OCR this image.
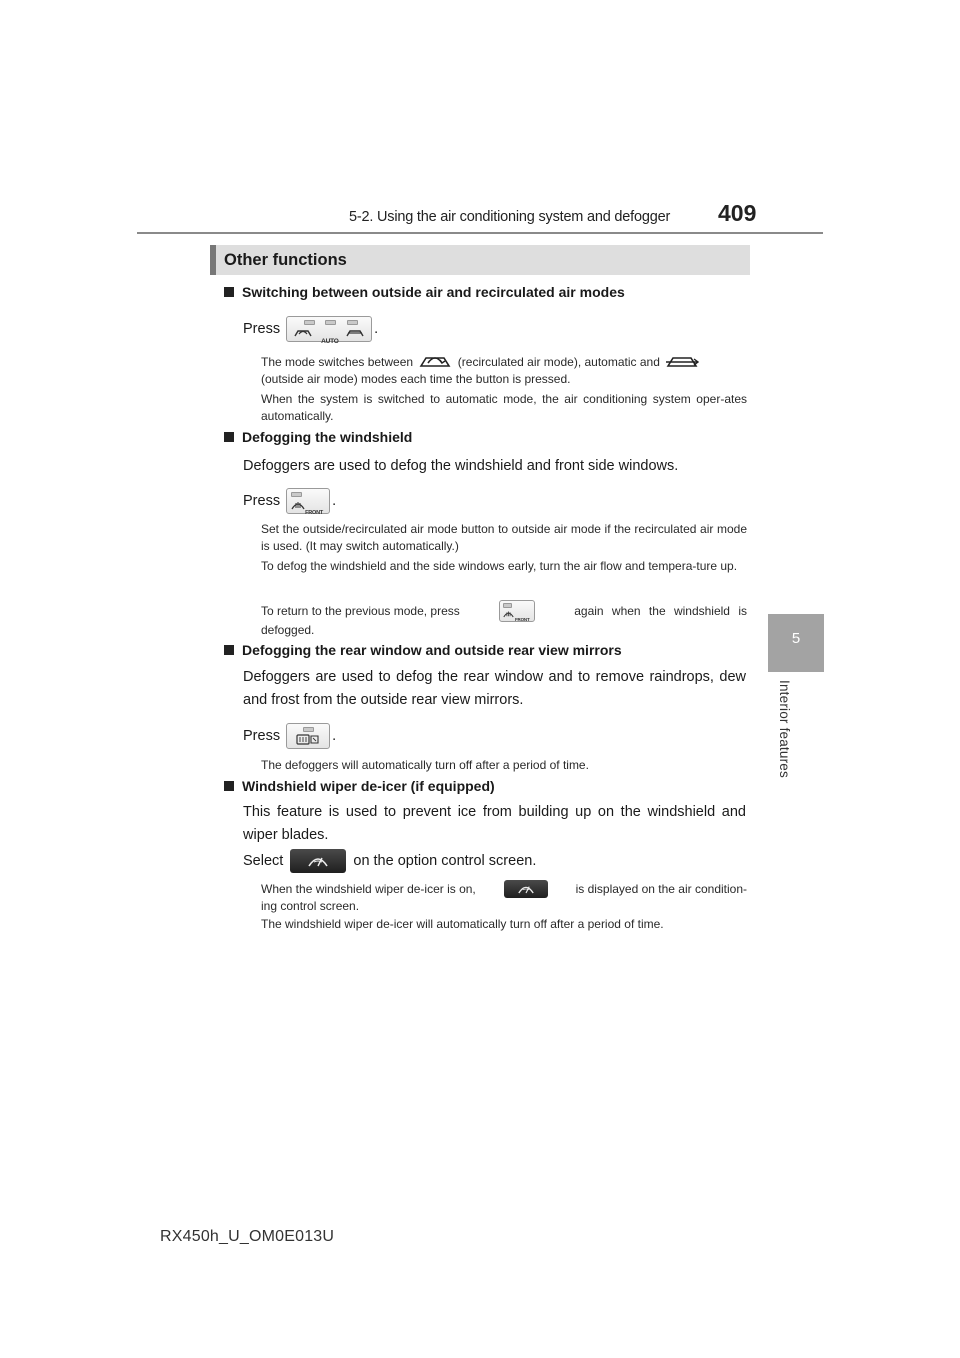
5-2. Using the air conditioning system and defogger 409
5
Interior features
Other functions
Switching between outside air and recirculated air modes
Press
AUTO
.
The mode switches between	(recirculated air mode), automatic and
(outside air mode) modes each time the button is pressed.
When the system is switched to automatic mode, the air conditioning system oper-ates automatically.
Defogging the windshield
Defoggers are used to defog the windshield and front side windows.
Press
FRONT
.
Set the outside/recirculated air mode button to outside air mode if the recirculated air mode is used. (It may switch automatically.)
To defog the windshield and the side windows early, turn the air flow and tempera-ture up.
To return to the previous mode, press
FRONT
again when the windshield is
defogged.
Defogging the rear window and outside rear view mirrors
Defoggers are used to defog the rear window and to remove raindrops, dew and frost from the outside rear view mirrors.
Press	.
The defoggers will automatically turn off after a period of time.
Windshield wiper de-icer (if equipped)
This feature is used to prevent ice from building up on the windshield and wiper blades.
Select	on the option control screen.
When the windshield wiper de-icer is on,	is displayed on the air condition-
ing control screen.
The windshield wiper de-icer will automatically turn off after a period of time.
RX450h_U_OM0E013U
